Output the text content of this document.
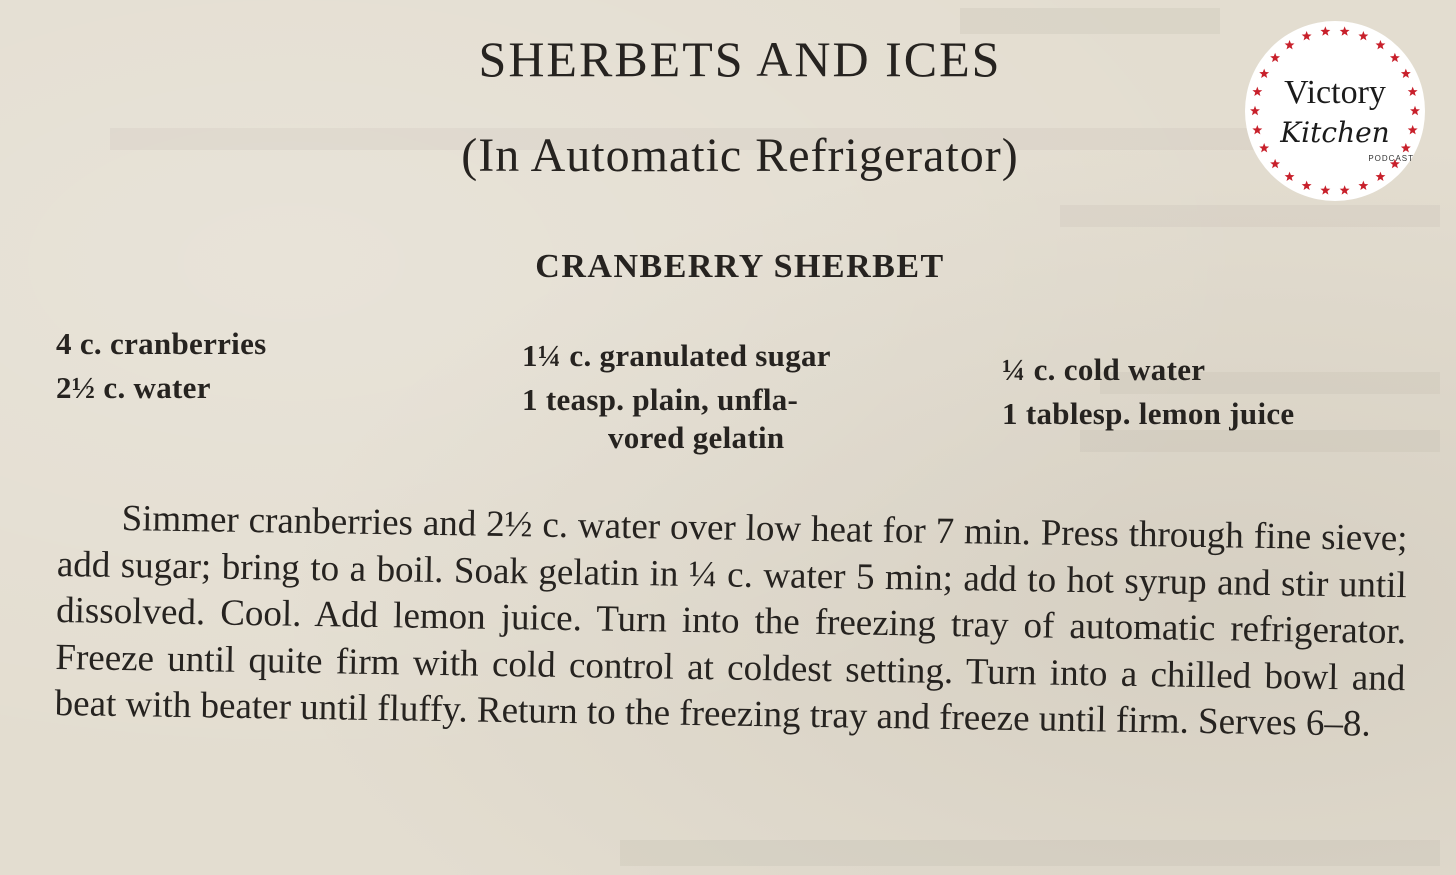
SHERBETS AND ICES
(In Automatic Refrigerator)
CRANBERRY SHERBET
4 c. cranberries
2½ c. water
1¼ c. granulated sugar
1 teasp. plain, unfla-
vored gelatin
¼ c. cold water
1 tablesp. lemon juice

Simmer cranberries and 2½ c. water over low heat for 7 min. Press through fine sieve; add sugar; bring to a boil. Soak gelatin in ¼ c. water 5 min; add to hot syrup and stir until dissolved. Cool. Add lemon juice. Turn into the freezing tray of automatic refrigerator. Freeze until quite firm with cold control at coldest setting. Turn into a chilled bowl and beat with beater until fluffy. Return to the freezing tray and freeze until firm. Serves 6–8.

Victory
Kitchen
PODCAST
